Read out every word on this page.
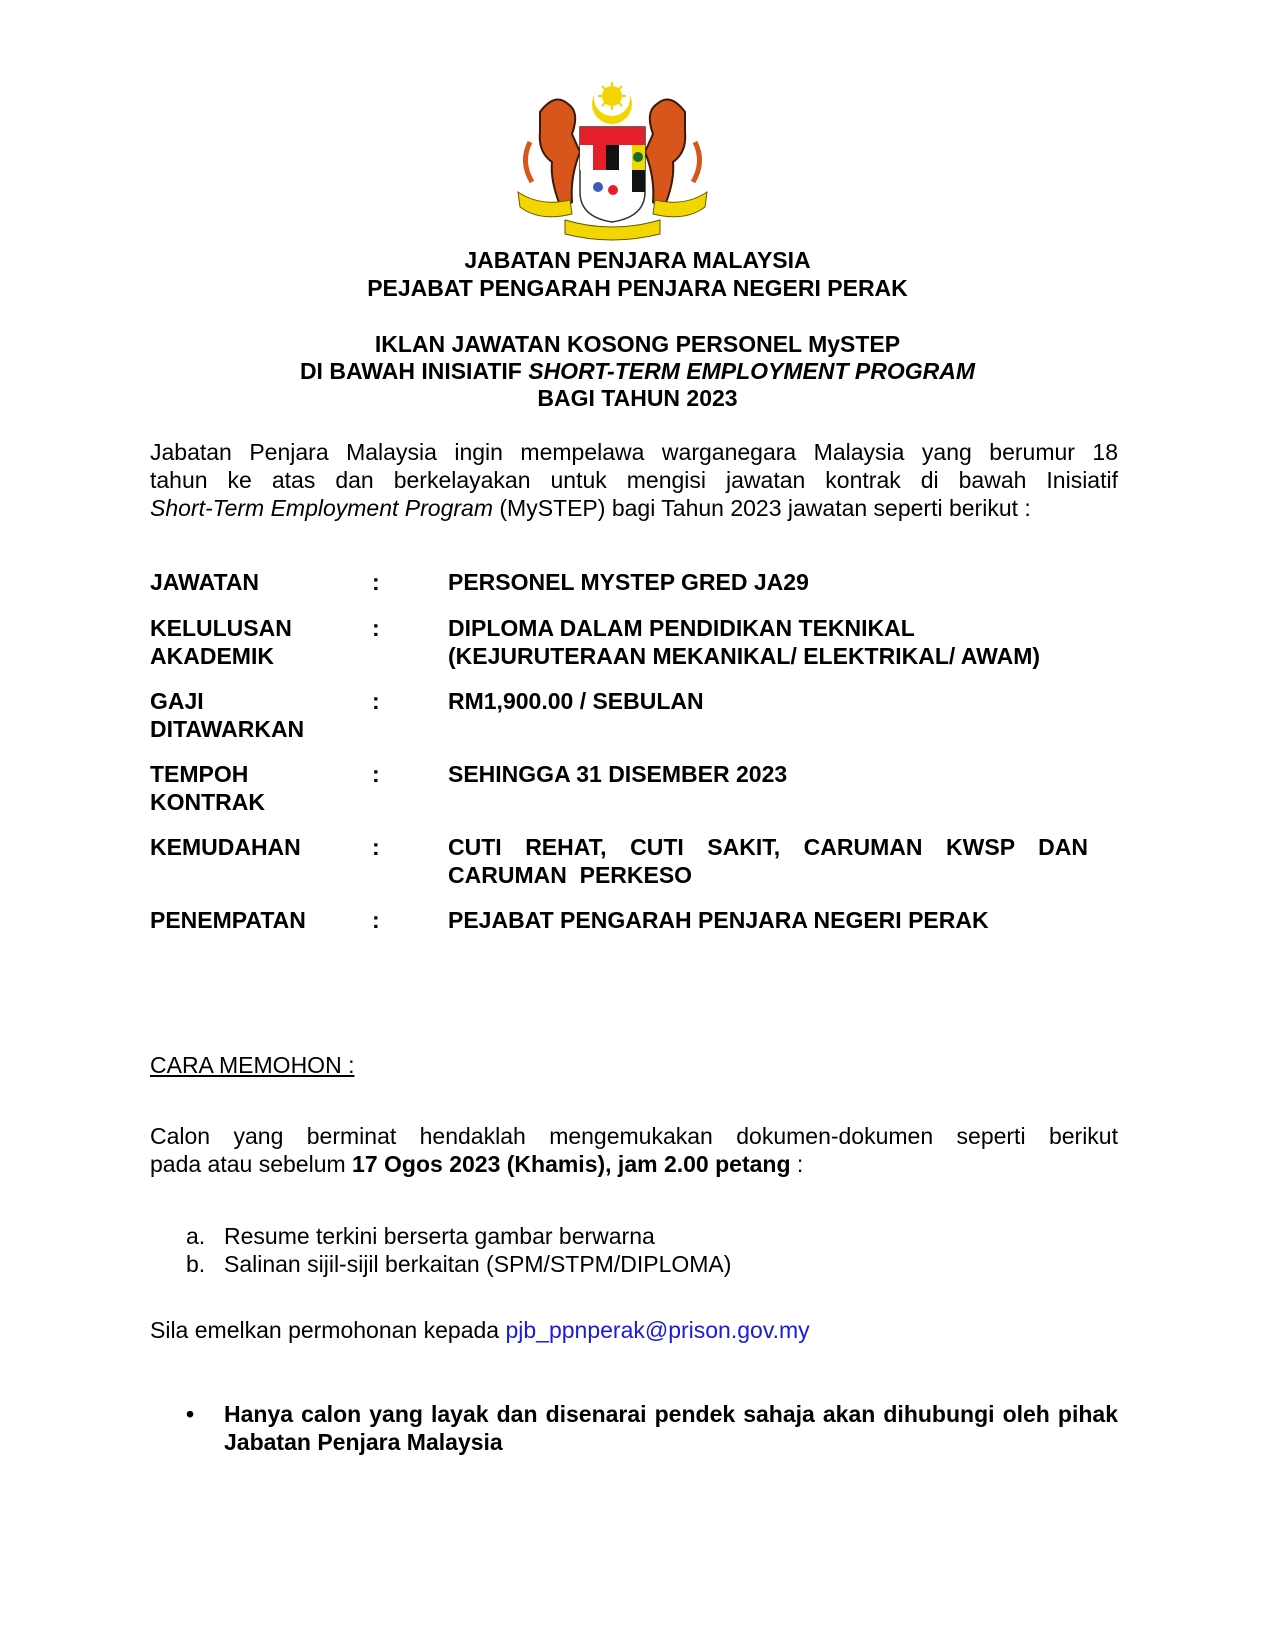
JABATAN PENJARA MALAYSIA
PEJABAT PENGARAH PENJARA NEGERI PERAK
IKLAN JAWATAN KOSONG PERSONEL MySTEP
DI BAWAH INISIATIF SHORT-TERM EMPLOYMENT PROGRAM
BAGI TAHUN 2023
Jabatan Penjara Malaysia ingin mempelawa warganegara Malaysia yang berumur 18
tahun ke atas dan berkelayakan untuk mengisi jawatan kontrak di bawah Inisiatif
Short-Term Employment Program (MySTEP) bagi Tahun 2023 jawatan seperti berikut :
JAWATAN	:	PERSONEL MYSTEP GRED JA29
KELULUSAN
AKADEMIK
:	DIPLOMA DALAM PENDIDIKAN TEKNIKAL
(KEJURUTERAAN MEKANIKAL/ ELEKTRIKAL/ AWAM)
GAJI
DITAWARKAN
:	RM1,900.00 / SEBULAN
TEMPOH
KONTRAK
:	SEHINGGA 31 DISEMBER 2023
KEMUDAHAN	:	CUTI REHAT, CUTI SAKIT, CARUMAN KWSP DAN
CARUMAN  PERKESO
PENEMPATAN	:	PEJABAT PENGARAH PENJARA NEGERI PERAK
CARA MEMOHON :
Calon yang berminat hendaklah mengemukakan dokumen-dokumen seperti berikut
pada atau sebelum 17 Ogos 2023 (Khamis), jam 2.00 petang :
a. Resume terkini berserta gambar berwarna
b. Salinan sijil-sijil berkaitan (SPM/STPM/DIPLOMA)
Sila emelkan permohonan kepada pjb_ppnperak@prison.gov.my
• Hanya calon yang layak dan disenarai pendek sahaja akan dihubungi oleh pihak Jabatan Penjara Malaysia
